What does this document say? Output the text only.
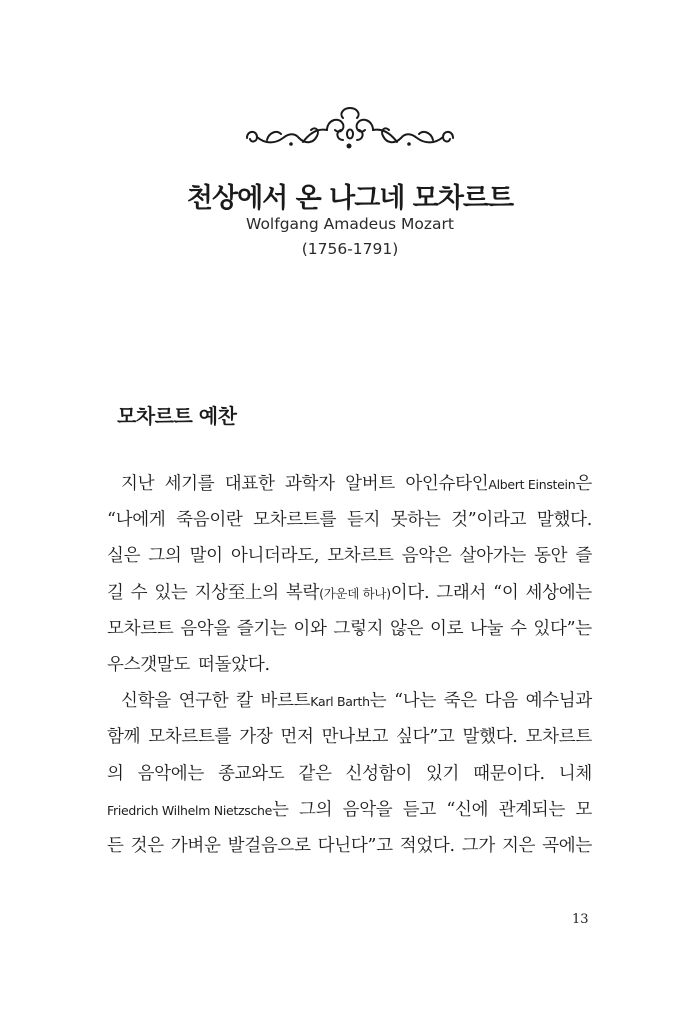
천상에서 온 나그네 모차르트
Wolfgang Amadeus Mozart
(1756-1791)
모차르트 예찬
지난 세기를 대표한 과학자 알버트 아인슈타인Albert Einstein은
“나에게 죽음이란 모차르트를 듣지 못하는 것”이라고 말했다.
실은 그의 말이 아니더라도, 모차르트 음악은 살아가는 동안 즐
길 수 있는 지상至上의 복락(가운데 하나)이다. 그래서 “이 세상에는
모차르트 음악을 즐기는 이와 그렇지 않은 이로 나눌 수 있다”는
우스갯말도 떠돌았다.
신학을 연구한 칼 바르트Karl Barth는 “나는 죽은 다음 예수님과
함께 모차르트를 가장 먼저 만나보고 싶다”고 말했다. 모차르트
의 음악에는 종교와도 같은 신성함이 있기 때문이다. 니체
Friedrich Wilhelm Nietzsche는 그의 음악을 듣고 “신에 관계되는 모
든 것은 가벼운 발걸음으로 다닌다”고 적었다. 그가 지은 곡에는
13
